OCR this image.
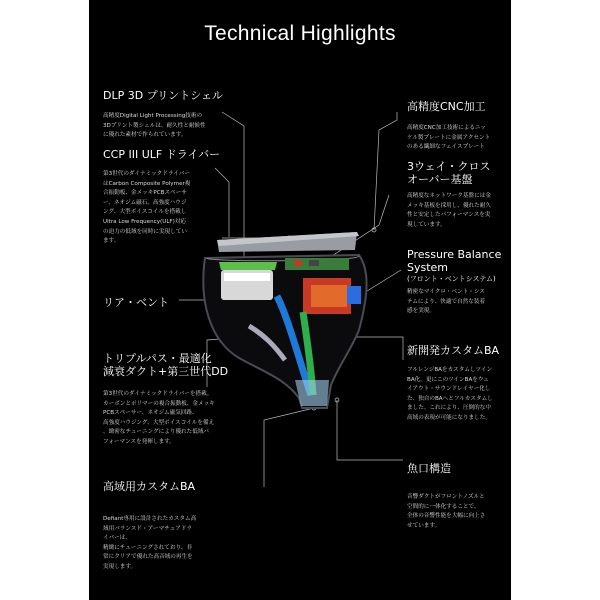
Technical Highlights
DLP 3D プリントシェル
高精度Digital Light Processing技術の
3Dプリント製シェルは、耐久性と耐候性
に優れた素材で作られています。
CCP III ULF ドライバー
第3世代のダイナミックドライバー
はCarbon Composite Polymer複
合振動板、金メッキPCBスペーサ
ー、ネオジム磁石、高強度ハウジ
ング、大型ボイスコイルを搭載し
Ultra Low Frequency(ULF)対応
の迫力の低域を同時に実現してい
ます。
リア・ベント
トリプルパス・最適化
減衰ダクト+第三世代DD
第3世代のダイナミックドライバーを搭載。
カーボンとポリマーの複合振動板、金メッキ
PCBスペーサー、ネオジム磁気回路、
高強度ハウジング、大型ボイスコイルを備え
、緻密なチューニングにより優れた低域パ
フォーマンスを発揮します。
高域用カスタムBA
Defiant専用に設計されたカスタム高
域用バランスド・アーマチュアドラ
イバーは、
精緻にチューニングされており、非
常にクリアで優れた高音域の再生を
実現します。
高精度CNC加工
高精度CNC加工技術によるニッ
ケル製プレートに金属アクセント
のある繊細なフェイスプレート
3ウェイ・クロス
オーバー基盤
高精度なネットワーク基盤には金
メッキ基板を採用し、優れた耐久
性と安定したパフォーマンスを実
現しています。
Pressure Balance
System
(フロント・ベントシステム)
精密なマイクロ・ベント・シス
テムにより、快適で自然な装着
感を実現。
新開発カスタムBA
フルレンジBAをカスタムしツイン
BA化。更にこのツインBAをウェ
イアウト・サウンドレイヤー化し
た、独自のBAへとフルカスタムし
ました。これにより、圧倒的な中
高域の表現が可能になりました。
魚口構造
音響ダクトがフロントノズルと
空間的に一体化することで、
全体の音響性能を大幅に向上さ
せています。
